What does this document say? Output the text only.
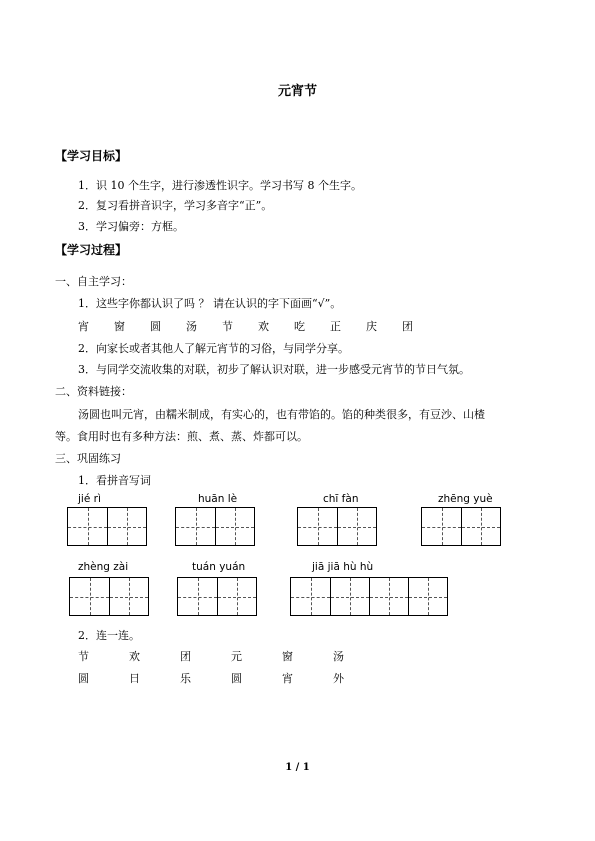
元宵节
【学习目标】
1．识 10 个生字，进行渗透性识字。学习书写 8 个生字。
2．复习看拼音识字，学习多音字“正”。
3．学习偏旁：方框。
【学习过程】
一、自主学习：
1．这些字你都认识了吗 ？ 请在认识的字下面画“√”。
宵	窗	圆	汤	节	欢	吃	正	庆	团
2．向家长或者其他人了解元宵节的习俗，与同学分享。
3．与同学交流收集的对联，初步了解认识对联，进一步感受元宵节的节日气氛。
二、资料链接：
汤圆也叫元宵，由糯米制成，有实心的，也有带馅的。馅的种类很多，有豆沙、山楂
等。食用时也有多种方法：煎、煮、蒸、炸都可以。
三、巩固练习
1．看拼音写词
jié rì	huān lè	chī fàn	zhēng yuè
zhèng zài	tuán yuán	jiā jiā hù hù
2．连一连。
节	欢	团	元	窗	汤
圆	日	乐	圆	宵	外
1 / 1
